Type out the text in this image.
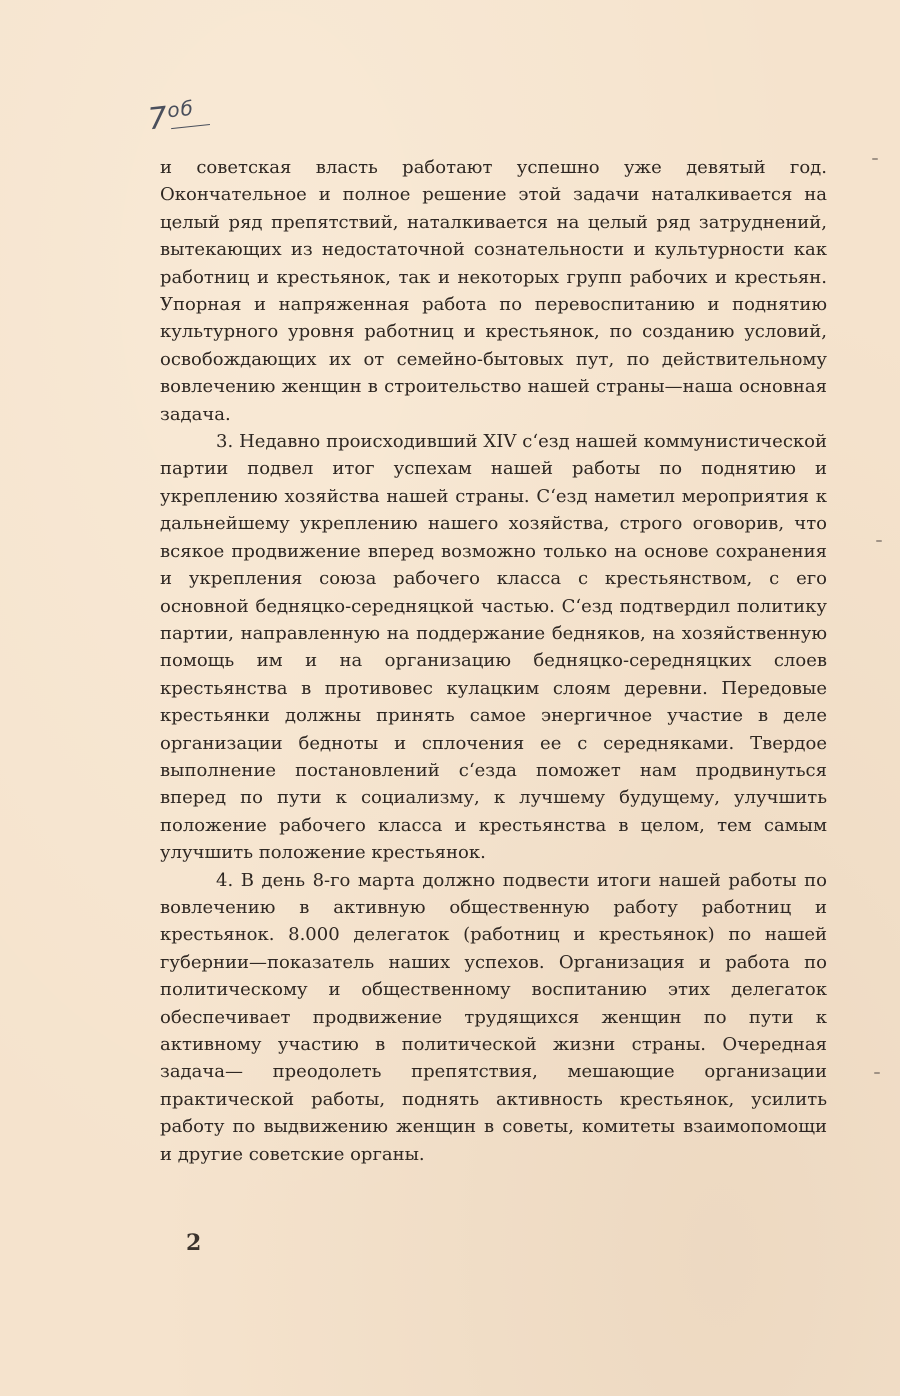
$7^{об}$

и советская власть работают успешно уже девятый год. Окончательное и полное решение этой задачи наталкивается на целый ряд препятствий, наталкивается на целый ряд затруднений, вытекающих из недостаточной сознательности и культурности как работниц и крестьянок, так и некоторых групп рабочих и крестьян. Упорная и напряженная работа по перевоспитанию и поднятию культурного уровня работниц и крестьянок, по созданию условий, освобождающих их от семейно-бытовых пут, по действительному вовлечению женщин в строительство нашей страны—наша основная задача.

3. Недавно происходивший XIV с‘езд нашей коммунистической партии подвел итог успехам нашей работы по поднятию и укреплению хозяйства нашей страны. С‘езд наметил мероприятия к дальнейшему укреплению нашего хозяйства, строго оговорив, что всякое продвижение вперед возможно только на основе сохранения и укрепления союза рабочего класса с крестьянством, с его основной бедняцко-середняцкой частью. С‘езд подтвердил политику партии, направленную на поддержание бедняков, на хозяйственную помощь им и на организацию бедняцко-середняцких слоев крестьянства в противовес кулацким слоям деревни. Передовые крестьянки должны принять самое энергичное участие в деле организации бедноты и сплочения ее с середняками. Твердое выполнение постановлений с‘езда поможет нам продвинуться вперед по пути к социализму, к лучшему будущему, улучшить положение рабочего класса и крестьянства в целом, тем самым улучшить положение крестьянок.

4. В день 8-го марта должно подвести итоги нашей работы по вовлечению в активную общественную работу работниц и крестьянок. 8.000 делегаток (работниц и крестьянок) по нашей губернии—показатель наших успехов. Организация и работа по политическому и общественному воспитанию этих делегаток обеспечивает продвижение трудящихся женщин по пути к активному участию в политической жизни страны. Очередная задача— преодолеть препятствия, мешающие организации практической работы, поднять активность крестьянок, усилить работу по выдвижению женщин в советы, комитеты взаимопомощи и другие советские органы.

2
